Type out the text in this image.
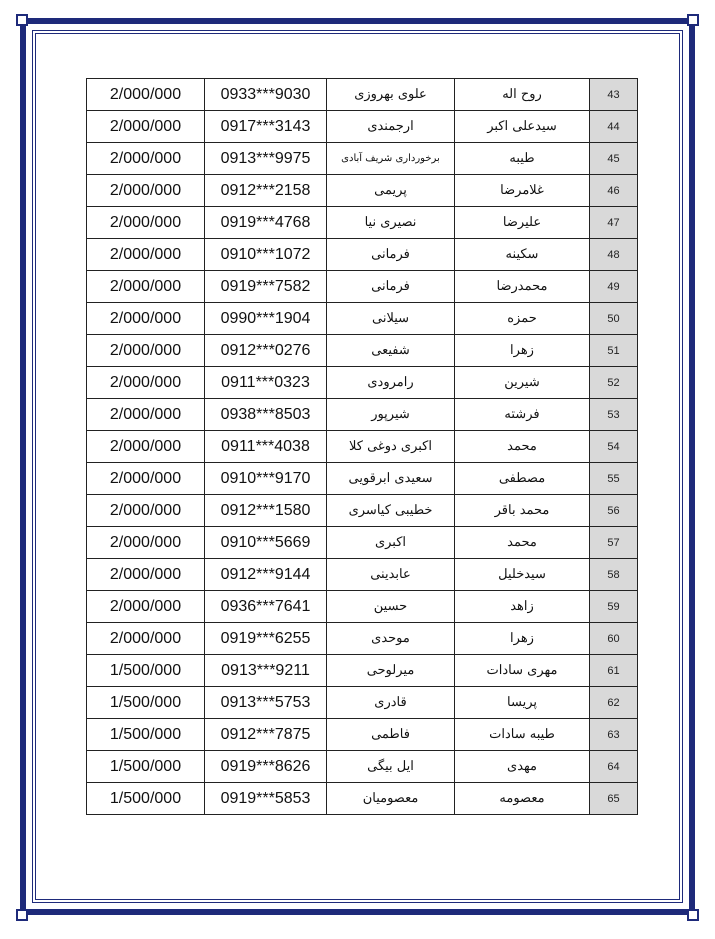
2/000/000	0933***9030	علوی بهروزی	روح اله	43
2/000/000	0917***3143	ارجمندی	سیدعلی اکبر	44
2/000/000	0913***9975	برخورداری شریف آبادی	طیبه	45
2/000/000	0912***2158	پریمی	غلامرضا	46
2/000/000	0919***4768	نصیری نیا	علیرضا	47
2/000/000	0910***1072	فرمانی	سکینه	48
2/000/000	0919***7582	فرمانی	محمدرضا	49
2/000/000	0990***1904	سیلانی	حمزه	50
2/000/000	0912***0276	شفیعی	زهرا	51
2/000/000	0911***0323	رامرودی	شیرین	52
2/000/000	0938***8503	شیرپور	فرشته	53
2/000/000	0911***4038	اکبری دوغی کلا	محمد	54
2/000/000	0910***9170	سعیدی ابرقویی	مصطفی	55
2/000/000	0912***1580	خطیبی کیاسری	محمد باقر	56
2/000/000	0910***5669	اکبری	محمد	57
2/000/000	0912***9144	عابدینی	سیدخلیل	58
2/000/000	0936***7641	حسین	زاهد	59
2/000/000	0919***6255	موحدی	زهرا	60
1/500/000	0913***9211	میرلوحی	مهری سادات	61
1/500/000	0913***5753	قادری	پریسا	62
1/500/000	0912***7875	فاطمی	طیبه سادات	63
1/500/000	0919***8626	ایل بیگی	مهدی	64
1/500/000	0919***5853	معصومیان	معصومه	65
